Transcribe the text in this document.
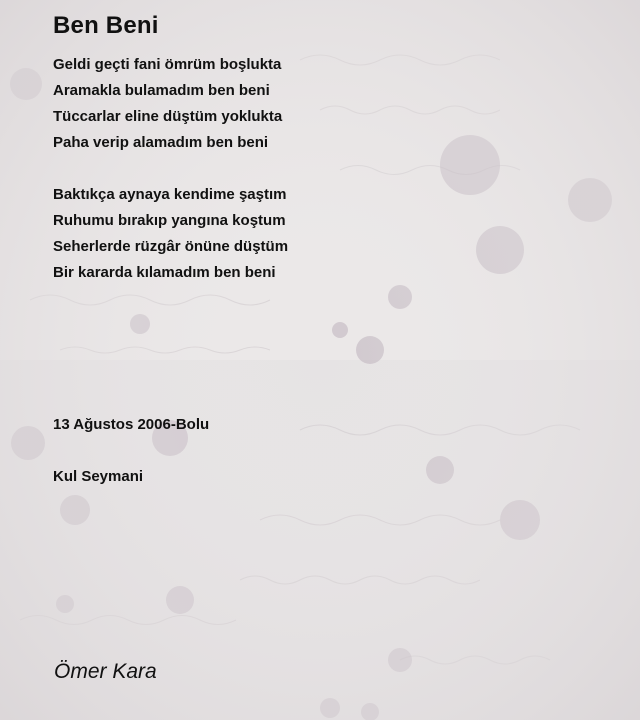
Ben Beni
Geldi geçti fani ömrüm boşlukta
Aramakla bulamadım ben beni
Tüccarlar eline düştüm yoklukta
Paha verip alamadım ben beni
Baktıkça aynaya kendime şaştım
Ruhumu bırakıp yangına koştum
Seherlerde rüzgâr önüne düştüm
Bir kararda kılamadım ben beni

13 Ağustos 2006-Bolu

Kul Seymani

Ömer Kara
